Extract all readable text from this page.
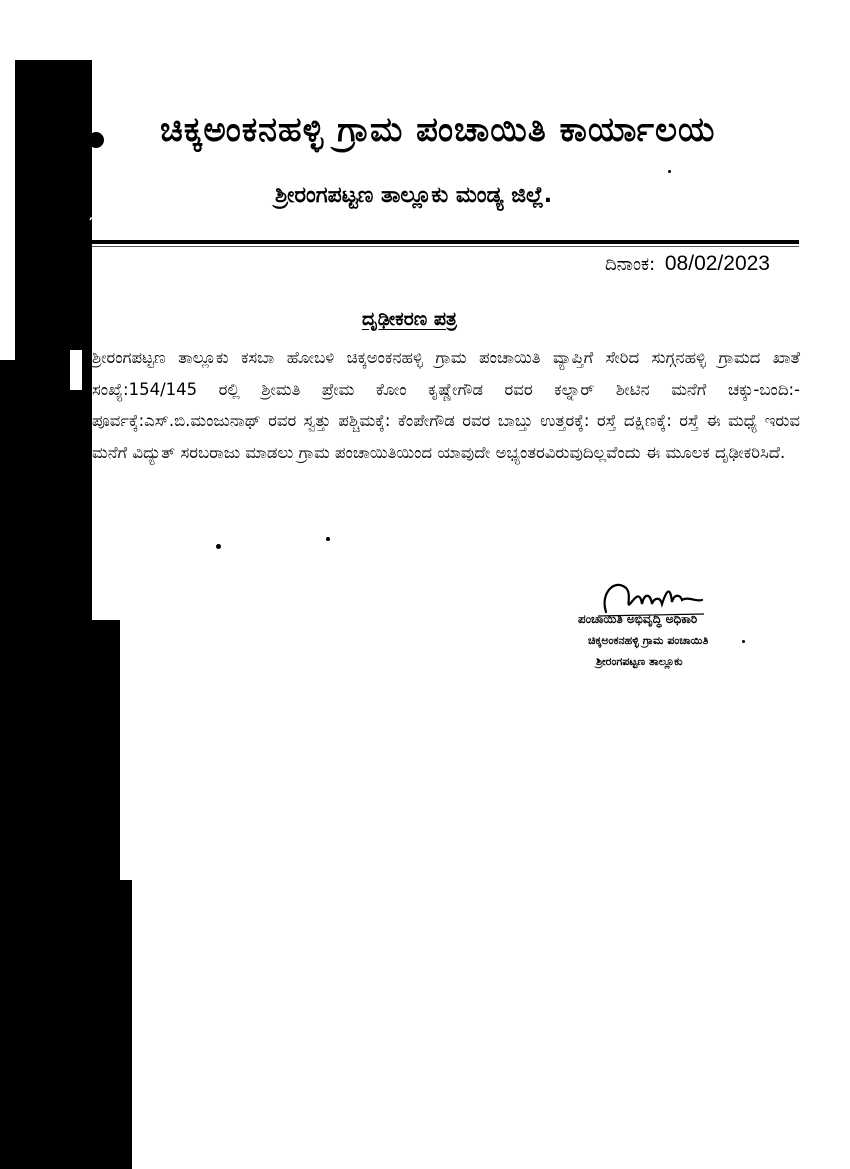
ಚಿಕ್ಕಅಂಕನಹಳ್ಳಿ ಗ್ರಾಮ ಪಂಚಾಯಿತಿ ಕಾರ್ಯಾಲಯ
ಶ್ರೀರಂಗಪಟ್ಟಣ ತಾಲ್ಲೂಕು ಮಂಡ್ಯ ಜಿಲ್ಲೆ.
ದಿನಾಂಕ: 08/02/2023
ದೃಢೀಕರಣ ಪತ್ರ
ಶ್ರೀರಂಗಪಟ್ಟಣ ತಾಲ್ಲೂಕು ಕಸಬಾ ಹೋಬಳಿ ಚಿಕ್ಕಅಂಕನಹಳ್ಳಿ ಗ್ರಾಮ ಪಂಚಾಯಿತಿ ವ್ಯಾಪ್ತಿಗೆ ಸೇರಿದ ಸುಗ್ಗನಹಳ್ಳಿ ಗ್ರಾಮದ ಖಾತೆ ಸಂಖ್ಯೆ:154/145 ರಲ್ಲಿ ಶ್ರೀಮತಿ ಪ್ರೇಮ ಕೋಂ ಕೃಷ್ಣೇಗೌಡ ರವರ ಕಲ್ನಾರ್ ಶೀಟಿನ ಮನೆಗೆ ಚಕ್ಕು-ಬಂದಿ:-ಪೂರ್ವಕ್ಕೆ:ಎಸ್.ಬಿ.ಮಂಜುನಾಥ್ ರವರ ಸ್ವತ್ತು ಪಶ್ಚಿಮಕ್ಕೆ: ಕೆಂಪೇಗೌಡ ರವರ ಬಾಬ್ತು ಉತ್ತರಕ್ಕೆ: ರಸ್ತೆ ದಕ್ಷಿಣಕ್ಕೆ: ರಸ್ತೆ ಈ ಮಧ್ಯೆ ಇರುವ ಮನೆಗೆ ವಿದ್ಯುತ್ ಸರಬರಾಜು ಮಾಡಲು ಗ್ರಾಮ ಪಂಚಾಯಿತಿಯಿಂದ ಯಾವುದೇ ಅಭ್ಯಂತರವಿರುವುದಿಲ್ಲವೆಂದು ಈ ಮೂಲಕ ದೃಢೀಕರಿಸಿದೆ.
ಪಂಚಾಯಿತಿ ಅಭಿವೃದ್ಧಿ ಅಧಿಕಾರಿ
ಚಿಕ್ಕಅಂಕನಹಳ್ಳಿ ಗ್ರಾಮ ಪಂಚಾಯಿತಿ
ಶ್ರೀರಂಗಪಟ್ಟಣ ತಾಲ್ಲೂಕು
